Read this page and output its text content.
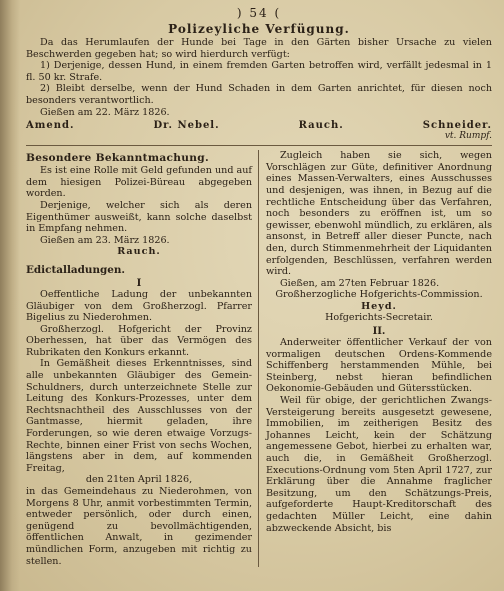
) 54 (
Polizeyliche Verfügung.

Da das Herumlaufen der Hunde bei Tage in den Gärten bisher Ursache zu vielen Beschwerden gegeben hat; so wird hierdurch verfügt:

1) Derjenige, dessen Hund, in einem fremden Garten betroffen wird, verfällt jedesmal in 1 fl. 50 kr. Strafe.

2) Bleibt derselbe, wenn der Hund Schaden in dem Garten anrichtet, für diesen noch besonders verantwortlich.

Gießen am 22. März 1826.

Amend.	Dr. Nebel.	Rauch.	Schneider.
vt. Rumpf.
Besondere Bekanntmachung.

Es ist eine Rolle mit Geld gefunden und auf dem hiesigen Polizei-Büreau abgegeben worden.

Derjenige, welcher sich als deren Eigenthümer ausweißt, kann solche daselbst in Empfang nehmen.

Gießen am 23. März 1826.

Rauch.

Edictalladungen.
I

Oeffentliche Ladung der unbekannten Gläubiger von dem Großherzogl. Pfarrer Bigelius zu Niederohmen.

Großherzogl. Hofgericht der Provinz Oberhessen, hat über das Vermögen des Rubrikaten den Konkurs erkannt.

In Gemäßheit dieses Erkenntnisses, sind alle unbekannten Gläubiger des Gemein-Schuldners, durch unterzeichnete Stelle zur Leitung des Konkurs-Prozesses, unter dem Rechtsnachtheil des Ausschlusses von der Gantmasse, hiermit geladen, ihre Forderungen, so wie deren etwaige Vorzugs-Rechte, binnen einer Frist von sechs Wochen, längstens aber in dem, auf kommenden Freitag,

den 21ten April 1826,

in das Gemeindehaus zu Niederohmen, von Morgens 8 Uhr, anmit vorbestimmten Termin, entweder persönlich, oder durch einen, genügend zu bevollmächtigenden, öffentlichen Anwalt, in gezimender mündlichen Form, anzugeben mit richtig zu stellen.

Zugleich haben sie sich, wegen Vorschlägen zur Güte, definitiver Anordnung eines Massen-Verwalters, eines Ausschusses und desjenigen, was ihnen, in Bezug auf die rechtliche Entscheidung über das Verfahren, noch besonders zu eröffnen ist, um so gewisser, ebenwohl mündlich, zu erklären, als ansonst, in Betreff aller dieser Puncte, nach den, durch Stimmenmehrheit der Liquidanten erfolgenden, Beschlüssen, verfahren werden wird.

Gießen, am 27ten Februar 1826.

Großherzogliche Hofgerichts-Commission.

Heyd.

Hofgerichts-Secretair.

II.

Anderweiter öffentlicher Verkauf der von vormaligen deutschen Ordens-Kommende Schiffenberg herstammenden Mühle, bei Steinberg, nebst hieran befindlichen Oekonomie-Gebäuden und Gütersstücken.

Weil für obige, der gerichtlichen Zwangs-Versteigerung bereits ausgesetzt gewesene, Immobilien, im zeitherigen Besitz des Johannes Leicht, kein der Schätzung angemessene Gebot, hierbei zu erhalten war, auch die, in Gemäßheit Großherzogl. Executions-Ordnung vom 5ten April 1727, zur Erklärung über die Annahme fraglicher Besitzung, um den Schätzungs-Preis, aufgeforderte Haupt-Kreditorschaft des gedachten Müller Leicht, eine dahin abzweckende Absicht, bis
